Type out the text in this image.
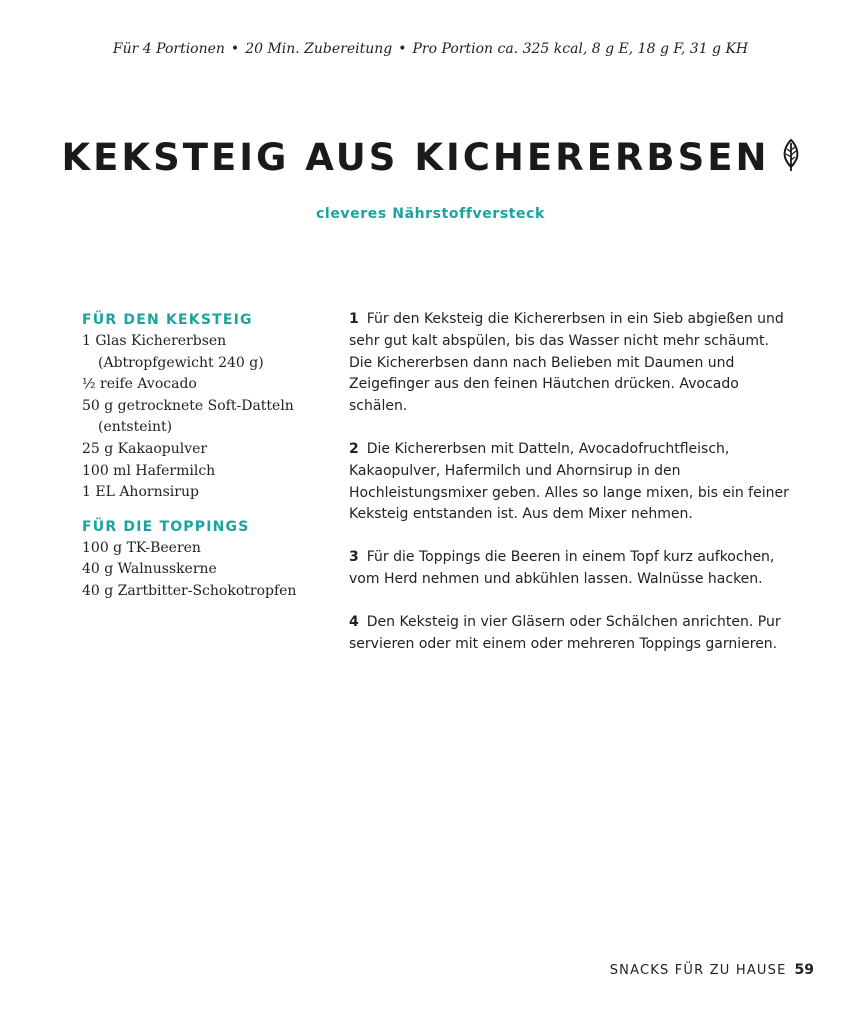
Für 4 Portionen • 20 Min. Zubereitung • Pro Portion ca. 325 kcal, 8 g E, 18 g F, 31 g KH
KEKSTEIG AUS KICHERERBSEN
cleveres Nährstoffversteck
FÜR DEN KEKSTEIG
1 Glas Kichererbsen (Abtropfgewicht 240 g)
½ reife Avocado
50 g getrocknete Soft-Datteln (entsteint)
25 g Kakaopulver
100 ml Hafermilch
1 EL Ahornsirup
FÜR DIE TOPPINGS
100 g TK-Beeren
40 g Walnusskerne
40 g Zartbitter-Schokotropfen

1 Für den Keksteig die Kichererbsen in ein Sieb abgießen und sehr gut kalt abspülen, bis das Wasser nicht mehr schäumt. Die Kichererbsen dann nach Belieben mit Daumen und Zeigefinger aus den feinen Häutchen drücken. Avocado schälen.

2 Die Kichererbsen mit Datteln, Avocadofruchtfleisch, Kakaopulver, Hafermilch und Ahornsirup in den Hochleistungsmixer geben. Alles so lange mixen, bis ein feiner Keksteig entstanden ist. Aus dem Mixer nehmen.

3 Für die Toppings die Beeren in einem Topf kurz aufkochen, vom Herd nehmen und abkühlen lassen. Walnüsse hacken.

4 Den Keksteig in vier Gläsern oder Schälchen anrichten. Pur servieren oder mit einem oder mehreren Toppings garnieren.

SNACKS FÜR ZU HAUSE 59
